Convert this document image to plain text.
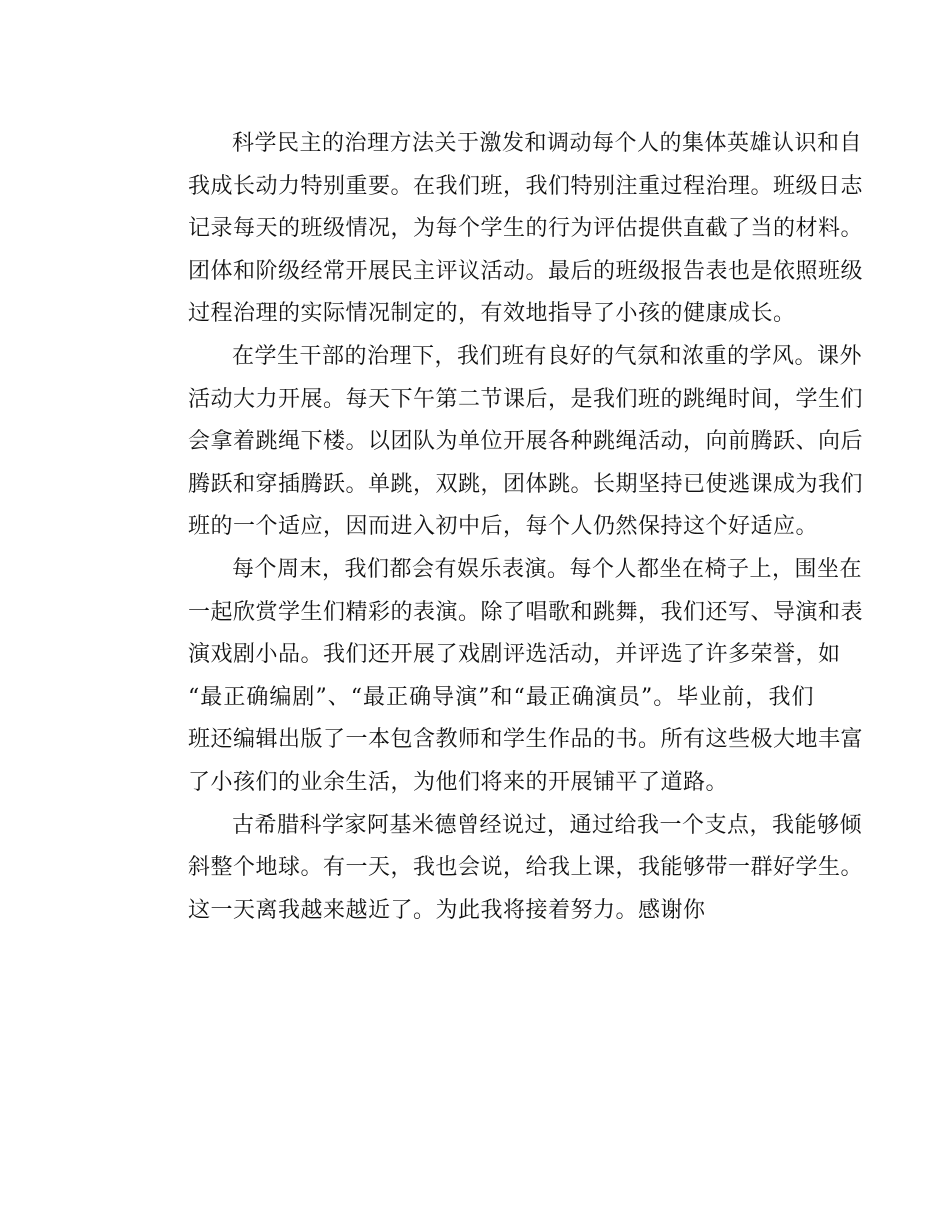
科学民主的治理方法关于激发和调动每个人的集体英雄认识和自
我成长动力特别重要。在我们班，我们特别注重过程治理。班级日志
记录每天的班级情况，为每个学生的行为评估提供直截了当的材料。
团体和阶级经常开展民主评议活动。最后的班级报告表也是依照班级
过程治理的实际情况制定的，有效地指导了小孩的健康成长。
在学生干部的治理下，我们班有良好的气氛和浓重的学风。课外
活动大力开展。每天下午第二节课后，是我们班的跳绳时间，学生们
会拿着跳绳下楼。以团队为单位开展各种跳绳活动，向前腾跃、向后
腾跃和穿插腾跃。单跳，双跳，团体跳。长期坚持已使逃课成为我们
班的一个适应，因而进入初中后，每个人仍然保持这个好适应。
每个周末，我们都会有娱乐表演。每个人都坐在椅子上，围坐在
一起欣赏学生们精彩的表演。除了唱歌和跳舞，我们还写、导演和表
演戏剧小品。我们还开展了戏剧评选活动，并评选了许多荣誉，如
“最正确编剧”、“最正确导演”和“最正确演员”。毕业前，我们
班还编辑出版了一本包含教师和学生作品的书。所有这些极大地丰富
了小孩们的业余生活，为他们将来的开展铺平了道路。
古希腊科学家阿基米德曾经说过，通过给我一个支点，我能够倾
斜整个地球。有一天，我也会说，给我上课，我能够带一群好学生。
这一天离我越来越近了。为此我将接着努力。感谢你
